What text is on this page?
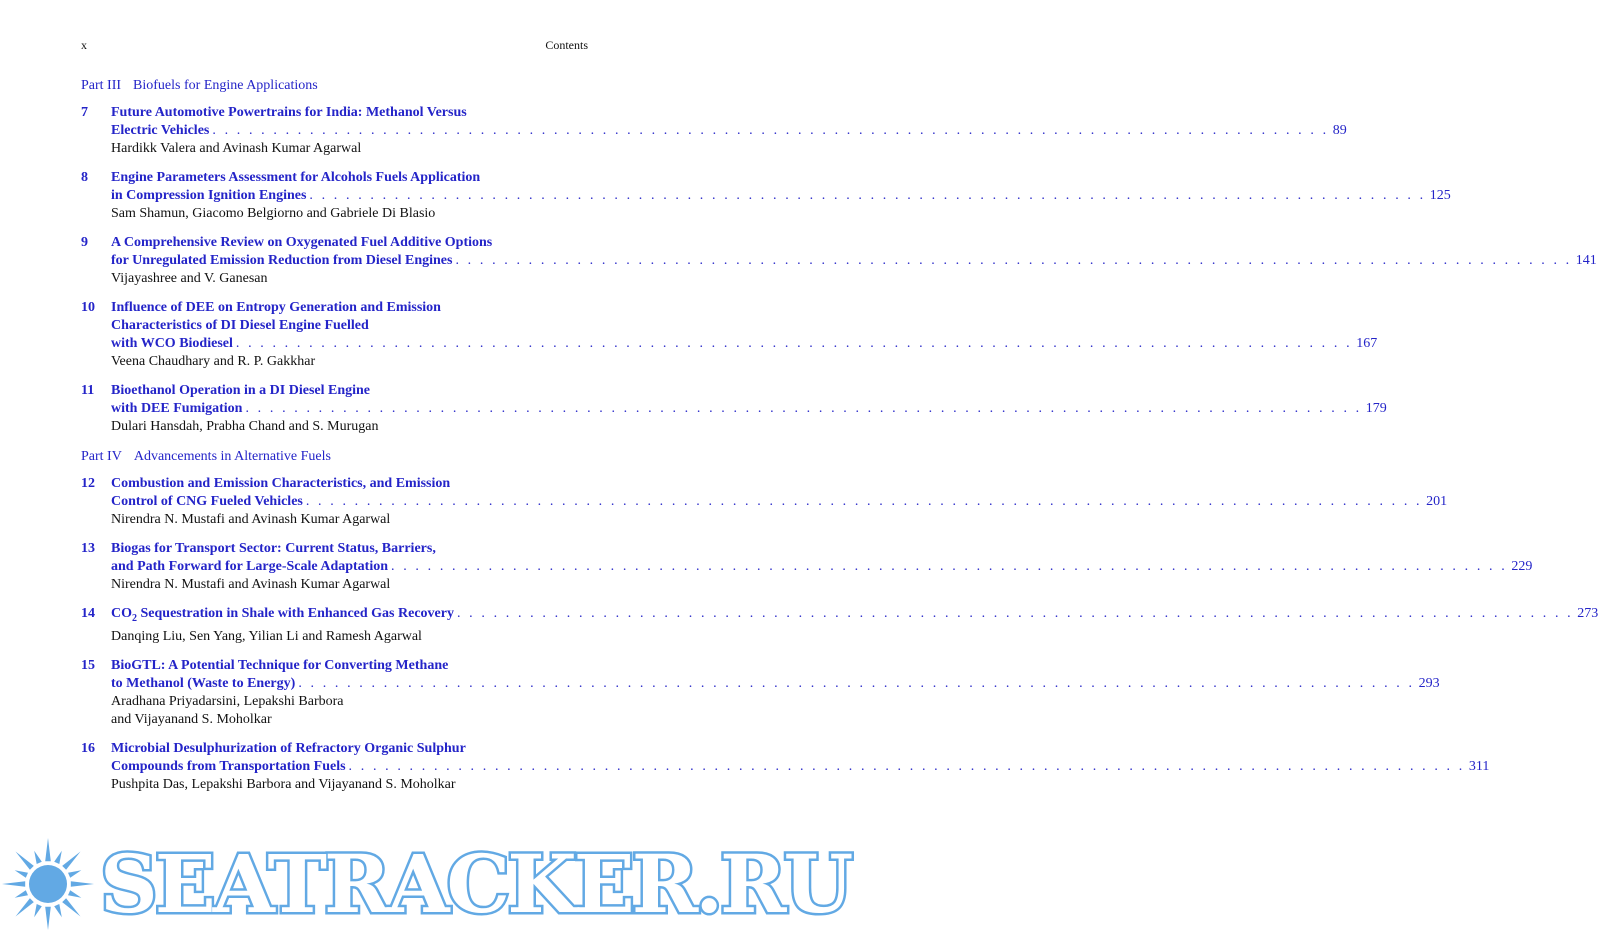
x	Contents
Part III Biofuels for Engine Applications
7	Future Automotive Powertrains for India: Methanol Versus
Electric Vehicles . . .	89
Hardikk Valera and Avinash Kumar Agarwal
8	Engine Parameters Assessment for Alcohols Fuels Application
in Compression Ignition Engines . . .	125
Sam Shamun, Giacomo Belgiorno and Gabriele Di Blasio
9	A Comprehensive Review on Oxygenated Fuel Additive Options
for Unregulated Emission Reduction from Diesel Engines . . .	141
Vijayashree and V. Ganesan
10	Influence of DEE on Entropy Generation and Emission
Characteristics of DI Diesel Engine Fuelled
with WCO Biodiesel . . .	167
Veena Chaudhary and R. P. Gakkhar
11	Bioethanol Operation in a DI Diesel Engine
with DEE Fumigation . . .	179
Dulari Hansdah, Prabha Chand and S. Murugan
Part IV Advancements in Alternative Fuels
12	Combustion and Emission Characteristics, and Emission
Control of CNG Fueled Vehicles . . .	201
Nirendra N. Mustafi and Avinash Kumar Agarwal
13	Biogas for Transport Sector: Current Status, Barriers,
and Path Forward for Large-Scale Adaptation . . .	229
Nirendra N. Mustafi and Avinash Kumar Agarwal
14	$CO_2$ Sequestration in Shale with Enhanced Gas Recovery . . .	273
Danqing Liu, Sen Yang, Yilian Li and Ramesh Agarwal
15	BioGTL: A Potential Technique for Converting Methane
to Methanol (Waste to Energy) . . .	293
Aradhana Priyadarsini, Lepakshi Barbora
and Vijayanand S. Moholkar
16	Microbial Desulphurization of Refractory Organic Sulphur
Compounds from Transportation Fuels . . .	311
Pushpita Das, Lepakshi Barbora and Vijayanand S. Moholkar
SEATRACKER.RU
